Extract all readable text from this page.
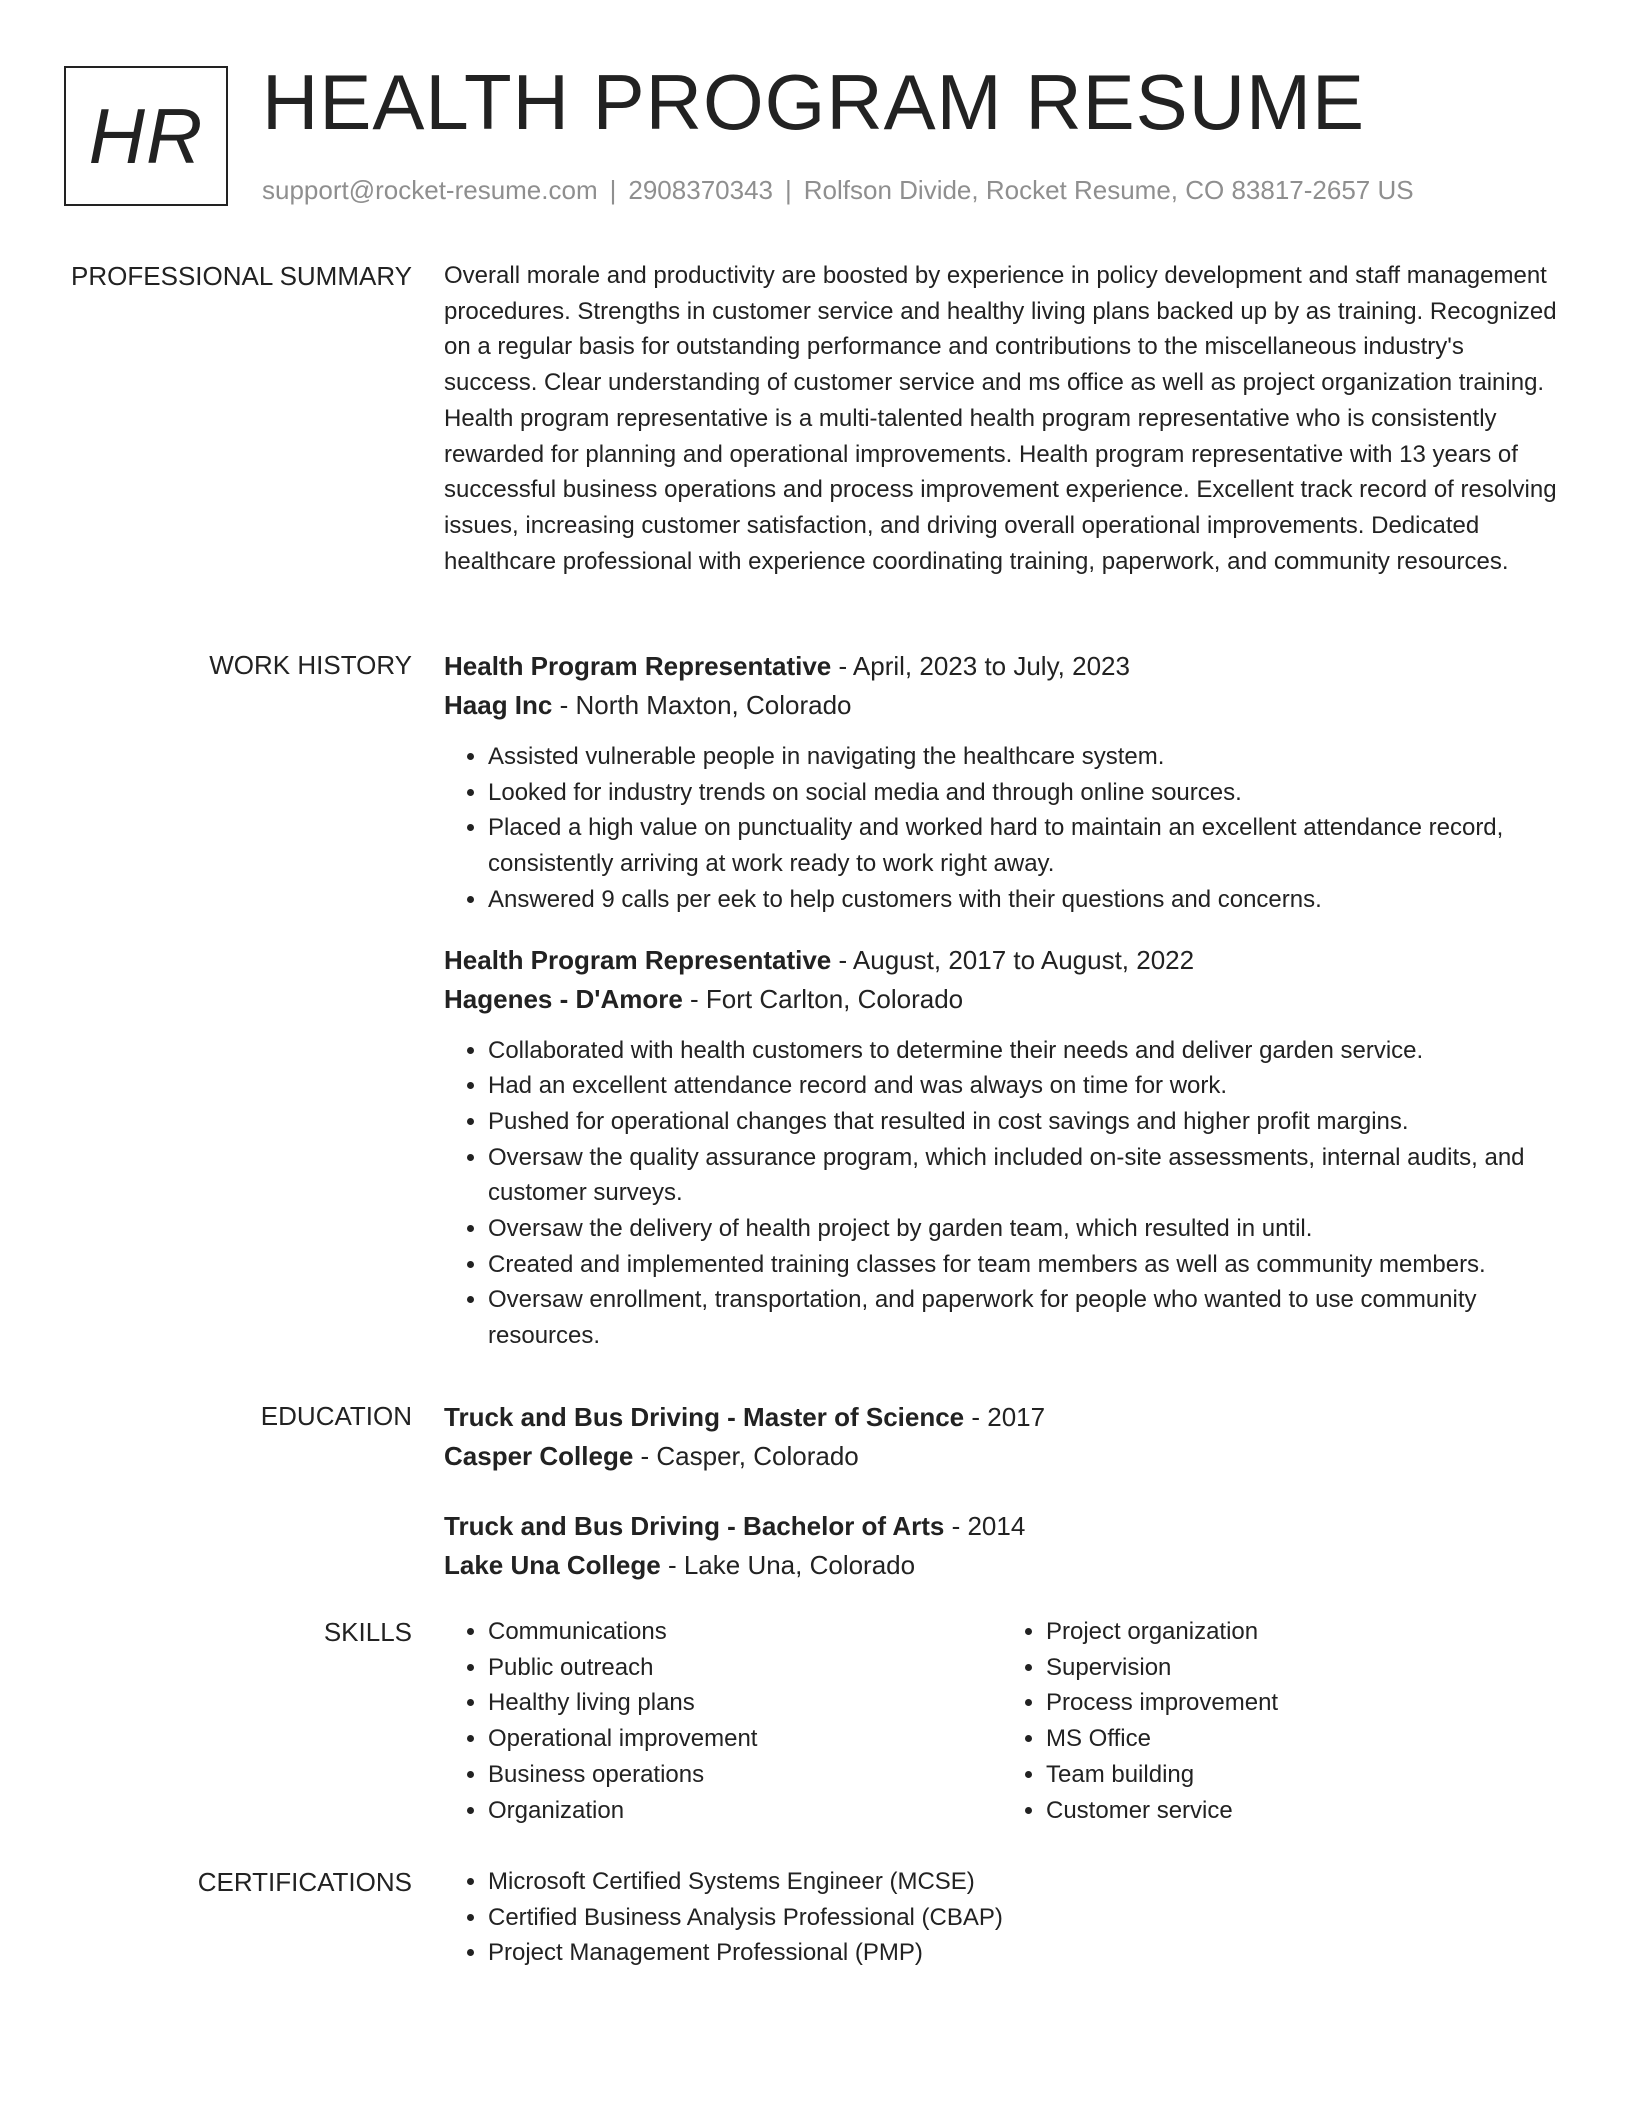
HR HEALTH PROGRAM RESUME
support@rocket-resume.com | 2908370343 | Rolfson Divide, Rocket Resume, CO 83817-2657 US
PROFESSIONAL SUMMARY Overall morale and productivity are boosted by experience in policy development and staff management procedures. Strengths in customer service and healthy living plans backed up by as training. Recognized on a regular basis for outstanding performance and contributions to the miscellaneous industry's success. Clear understanding of customer service and ms office as well as project organization training. Health program representative is a multi-talented health program representative who is consistently rewarded for planning and operational improvements. Health program representative with 13 years of successful business operations and process improvement experience. Excellent track record of resolving issues, increasing customer satisfaction, and driving overall operational improvements. Dedicated healthcare professional with experience coordinating training, paperwork, and community resources.

WORK HISTORY Health Program Representative - April, 2023 to July, 2023
Haag Inc - North Maxton, Colorado
• Assisted vulnerable people in navigating the healthcare system.
• Looked for industry trends on social media and through online sources.
• Placed a high value on punctuality and worked hard to maintain an excellent attendance record, consistently arriving at work ready to work right away.
• Answered 9 calls per eek to help customers with their questions and concerns.
Health Program Representative - August, 2017 to August, 2022
Hagenes - D'Amore - Fort Carlton, Colorado
• Collaborated with health customers to determine their needs and deliver garden service.
• Had an excellent attendance record and was always on time for work.
• Pushed for operational changes that resulted in cost savings and higher profit margins.
• Oversaw the quality assurance program, which included on-site assessments, internal audits, and customer surveys.
• Oversaw the delivery of health project by garden team, which resulted in until.
• Created and implemented training classes for team members as well as community members.
• Oversaw enrollment, transportation, and paperwork for people who wanted to use community resources.
EDUCATION Truck and Bus Driving - Master of Science - 2017
Casper College - Casper, Colorado
Truck and Bus Driving - Bachelor of Arts - 2014
Lake Una College - Lake Una, Colorado
SKILLS	• Communications
• Public outreach
• Healthy living plans
• Operational improvement
• Business operations
• Organization
• Project organization
• Supervision
• Process improvement
• MS Office
• Team building
• Customer service
CERTIFICATIONS	• Microsoft Certified Systems Engineer (MCSE)
• Certified Business Analysis Professional (CBAP)
• Project Management Professional (PMP)
